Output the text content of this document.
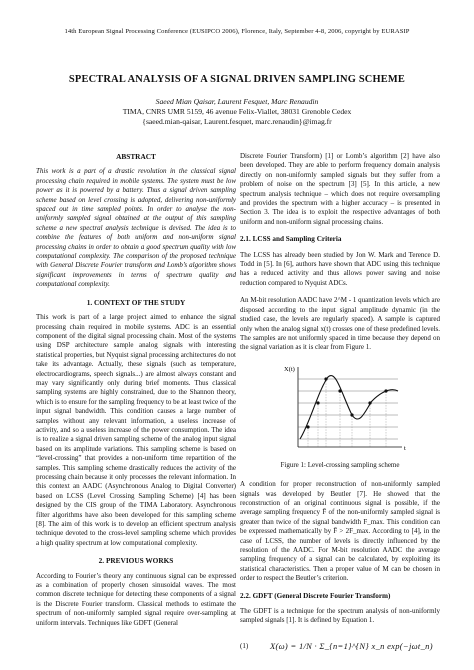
14th European Signal Processing Conference (EUSIPCO 2006), Florence, Italy, September 4-8, 2006, copyright by EURASIP
SPECTRAL ANALYSIS OF A SIGNAL DRIVEN SAMPLING SCHEME
Saeed Mian Qaisar, Laurent Fesquet, Marc Renaudin
TIMA, CNRS UMR 5159, 46 avenue Felix-Viallet, 38031 Grenoble Cedex
{saeed.mian-qaisar, Laurent.fesquet, marc.renaudin}@imag.fr
ABSTRACT

This work is a part of a drastic revolution in the classical signal processing chain required in mobile systems. The system must be low power as it is powered by a battery. Thus a signal driven sampling scheme based on level crossing is adopted, delivering non-uniformly spaced out in time sampled points. In order to analyse the non-uniformly sampled signal obtained at the output of this sampling scheme a new spectral analysis technique is devised. The idea is to combine the features of both uniform and non-uniform signal processing chains in order to obtain a good spectrum quality with low computational complexity. The comparison of the proposed technique with General Discrete Fourier transform and Lomb’s algorithm shows significant improvements in terms of spectrum quality and computational complexity.

1. CONTEXT OF THE STUDY

This work is part of a large project aimed to enhance the signal processing chain required in mobile systems. ADC is an essential component of the digital signal processing chain. Most of the systems using DSP architecture sample analog signals with interesting statistical properties, but Nyquist signal processing architectures do not take its advantage. Actually, these signals (such as temperature, electrocardiograms, speech signals...) are almost always constant and may vary significantly only during brief moments. Thus classical sampling systems are highly constrained, due to the Shannon theory, which is to ensure for the sampling frequency to be at least twice of the input signal bandwidth. This condition causes a large number of samples without any relevant information, a useless increase of activity, and so a useless increase of the power consumption. The idea is to realize a signal driven sampling scheme of the analog input signal based on its amplitude variations. This sampling scheme is based on “level-crossing” that provides a non-uniform time repartition of the samples. This sampling scheme drastically reduces the activity of the processing chain because it only processes the relevant information. In this context an AADC (Asynchronous Analog to Digital Converter) based on LCSS (Level Crossing Sampling Scheme) [4] has been designed by the CIS group of the TIMA Laboratory. Asynchronous filter algorithms have also been developed for this sampling scheme [8]. The aim of this work is to develop an efficient spectrum analysis technique devoted to the cross-level sampling scheme which provides a high quality spectrum at low computational complexity.

2. PREVIOUS WORKS

According to Fourier’s theory any continuous signal can be expressed as a combination of properly chosen sinusoidal waves. The most common discrete technique for detecting these components of a signal is the Discrete Fourier transform. Classical methods to estimate the spectrum of non-uniformly sampled signal require over-sampling at uniform intervals. Techniques like GDFT (General

Discrete Fourier Transform) [1] or Lomb’s algorithm [2] have also been developed. They are able to perform frequency domain analysis directly on non-uniformly sampled signals but they suffer from a problem of noise on the spectrum [3] [5]. In this article, a new spectrum analysis technique – which does not require oversampling and provides the spectrum with a higher accuracy – is presented in Section 3. The idea is to exploit the respective advantages of both uniform and non-uniform signal processing chains.

2.1. LCSS and Sampling Criteria

The LCSS has already been studied by Jon W. Mark and Terence D. Todd in [5]. In [6], authors have shown that ADC using this technique has a reduced activity and thus allows power saving and noise reduction compared to Nyquist ADCs.

An M-bit resolution AADC have 2^M - 1 quantization levels which are disposed according to the input signal amplitude dynamic (in the studied case, the levels are regularly spaced). A sample is captured only when the analog signal x(t) crosses one of these predefined levels. The samples are not uniformly spaced in time because they depend on the signal variation as it is clear from Figure 1.

X(t)
t
Figure 1: Level-crossing sampling scheme

A condition for proper reconstruction of non-uniformly sampled signals was developed by Beutler [7]. He showed that the reconstruction of an original continuous signal is possible, if the average sampling frequency F̄ of the non-uniformly sampled signal is greater than twice of the signal bandwidth F_max. This condition can be expressed mathematically by F̄ > 2F_max. According to [4], in the case of LCSS, the number of levels is directly influenced by the resolution of the AADC. For M-bit resolution AADC the average sampling frequency of a signal can be calculated, by exploiting its statistical characteristics. Then a proper value of M can be chosen in order to respect the Beutler’s criterion.

2.2. GDFT (General Discrete Fourier Transform)

The GDFT is a technique for the spectrum analysis of non-uniformly sampled signals [1]. It is defined by Equation 1.

(1)	X(ω) = 1/N · Σ_{n=1}^{N} x_n exp(−jωt_n)
